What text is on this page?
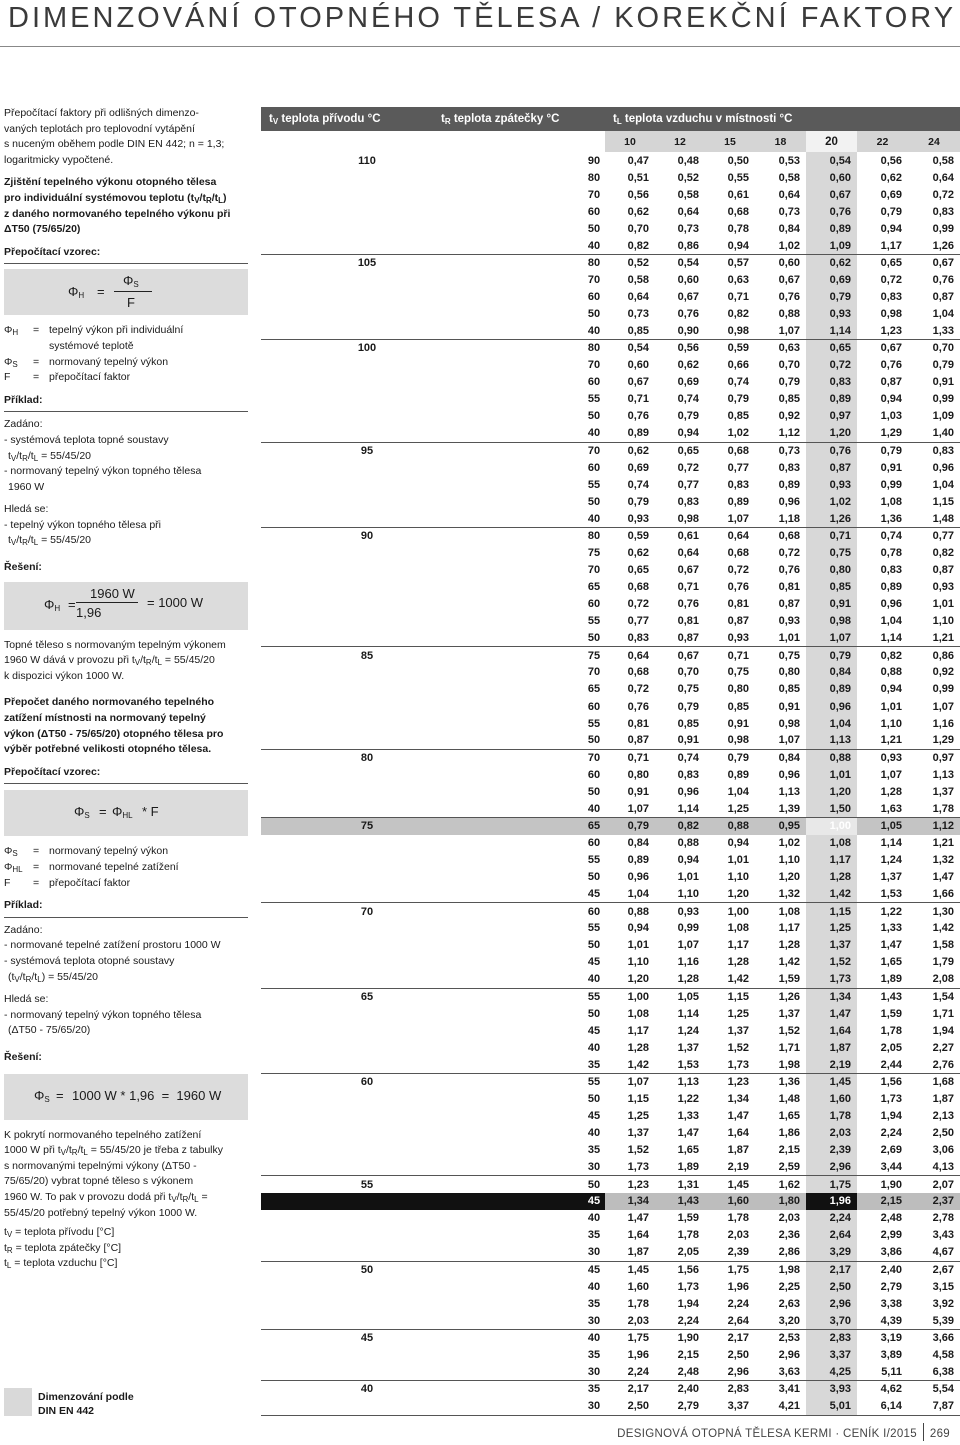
DIMENZOVÁNÍ OTOPNÉHO TĚLESA / KOREKČNÍ FAKTORY

Přepočítací faktory při odlišných dimenzo-

vaných teplotách pro teplovodní vytápění

s nuceným oběhem podle DIN EN 442; n = 1,3;

logaritmicky vypočtené.

Zjištění tepelného výkonu otopného tělesa

pro individuální systémovou teplotu $(t_V/t_R/t_L)$

z daného normovaného tepelného výkonu při

ΔT50 (75/65/20)

Přepočítací vzorec:

$\Phi_H$ =
$\Phi_S$
F
$\Phi_H$ = tepelný výkon při individuální
systémové teplotě
$\Phi_S$ = normovaný tepelný výkon
F = přepočítací faktor

Příklad:

Zadáno:

- systémová teplota topné soustavy

$t_V/t_R/t_L = 55/45/20$

- normovaný tepelný výkon topného tělesa

1960 W

Hledá se:

- tepelný výkon topného tělesa při

$t_V/t_R/t_L = 55/45/20$

Řešení:

$\Phi_H$ =
1960 W
1,96
= 1000 W

Topné těleso s normovaným tepelným výkonem

1960 W dává v provozu při $t_V/t_R/t_L = 55/45/20$

k dispozici výkon 1000 W.

Přepočet daného normovaného tepelného

zatížení místnosti na normovaný tepelný

výkon (ΔT50 - 75/65/20) otopného tělesa pro

výběr potřebné velikosti otopného tělesa.

Přepočítací vzorec:

$\Phi_S = \Phi_{HL} * F$
$\Phi_S$ = normovaný tepelný výkon
$\Phi_{HL}$ = normované tepelné zatížení
F = přepočítací faktor

Příklad:

Zadáno:

- normované tepelné zatížení prostoru 1000 W

- systémová teplota otopné soustavy

$(t_V/t_R/t_L) = 55/45/20$

Hledá se:

- normovaný tepelný výkon topného tělesa

(ΔT50 - 75/65/20)

Řešení:

$\Phi_S = 1000$ W * 1,96  =  1960 W

K pokrytí normovaného tepelného zatížení

1000 W při $t_V/t_R/t_L = 55/45/20$ je třeba z tabulky

s normovanými tepelnými výkony (ΔT50 -

75/65/20) vybrat topné těleso s výkonem

1960 W. To pak v provozu dodá při $t_V/t_R/t_L$ =

55/45/20 potřebný tepelný výkon 1000 W.

$t_V$ = teplota přívodu [°C]

$t_R$ = teplota zpátečky [°C]

$t_L$ = teplota vzduchu [°C]

Dimenzování podle
DIN EN 442
$t_V$ teplota přívodu °C	$t_R$ teplota zpátečky °C	$t_L$ teplota vzduchu v místnosti °C						
		10	12	15	18	20	22	24
110	90	0,47	0,48	0,50	0,53	0,54	0,56	0,58
	80	0,51	0,52	0,55	0,58	0,60	0,62	0,64
	70	0,56	0,58	0,61	0,64	0,67	0,69	0,72
	60	0,62	0,64	0,68	0,73	0,76	0,79	0,83
	50	0,70	0,73	0,78	0,84	0,89	0,94	0,99
	40	0,82	0,86	0,94	1,02	1,09	1,17	1,26
105	80	0,52	0,54	0,57	0,60	0,62	0,65	0,67
	70	0,58	0,60	0,63	0,67	0,69	0,72	0,76
	60	0,64	0,67	0,71	0,76	0,79	0,83	0,87
	50	0,73	0,76	0,82	0,88	0,93	0,98	1,04
	40	0,85	0,90	0,98	1,07	1,14	1,23	1,33
100	80	0,54	0,56	0,59	0,63	0,65	0,67	0,70
	70	0,60	0,62	0,66	0,70	0,72	0,76	0,79
	60	0,67	0,69	0,74	0,79	0,83	0,87	0,91
	55	0,71	0,74	0,79	0,85	0,89	0,94	0,99
	50	0,76	0,79	0,85	0,92	0,97	1,03	1,09
	40	0,89	0,94	1,02	1,12	1,20	1,29	1,40
95	70	0,62	0,65	0,68	0,73	0,76	0,79	0,83
	60	0,69	0,72	0,77	0,83	0,87	0,91	0,96
	55	0,74	0,77	0,83	0,89	0,93	0,99	1,04
	50	0,79	0,83	0,89	0,96	1,02	1,08	1,15
	40	0,93	0,98	1,07	1,18	1,26	1,36	1,48
90	80	0,59	0,61	0,64	0,68	0,71	0,74	0,77
	75	0,62	0,64	0,68	0,72	0,75	0,78	0,82
	70	0,65	0,67	0,72	0,76	0,80	0,83	0,87
	65	0,68	0,71	0,76	0,81	0,85	0,89	0,93
	60	0,72	0,76	0,81	0,87	0,91	0,96	1,01
	55	0,77	0,81	0,87	0,93	0,98	1,04	1,10
	50	0,83	0,87	0,93	1,01	1,07	1,14	1,21
85	75	0,64	0,67	0,71	0,75	0,79	0,82	0,86
	70	0,68	0,70	0,75	0,80	0,84	0,88	0,92
	65	0,72	0,75	0,80	0,85	0,89	0,94	0,99
	60	0,76	0,79	0,85	0,91	0,96	1,01	1,07
	55	0,81	0,85	0,91	0,98	1,04	1,10	1,16
	50	0,87	0,91	0,98	1,07	1,13	1,21	1,29
80	70	0,71	0,74	0,79	0,84	0,88	0,93	0,97
	60	0,80	0,83	0,89	0,96	1,01	1,07	1,13
	50	0,91	0,96	1,04	1,13	1,20	1,28	1,37
	40	1,07	1,14	1,25	1,39	1,50	1,63	1,78
75	65	0,79	0,82	0,88	0,95	1,00	1,05	1,12
	60	0,84	0,88	0,94	1,02	1,08	1,14	1,21
	55	0,89	0,94	1,01	1,10	1,17	1,24	1,32
	50	0,96	1,01	1,10	1,20	1,28	1,37	1,47
	45	1,04	1,10	1,20	1,32	1,42	1,53	1,66
70	60	0,88	0,93	1,00	1,08	1,15	1,22	1,30
	55	0,94	0,99	1,08	1,17	1,25	1,33	1,42
	50	1,01	1,07	1,17	1,28	1,37	1,47	1,58
	45	1,10	1,16	1,28	1,42	1,52	1,65	1,79
	40	1,20	1,28	1,42	1,59	1,73	1,89	2,08
65	55	1,00	1,05	1,15	1,26	1,34	1,43	1,54
	50	1,08	1,14	1,25	1,37	1,47	1,59	1,71
	45	1,17	1,24	1,37	1,52	1,64	1,78	1,94
	40	1,28	1,37	1,52	1,71	1,87	2,05	2,27
	35	1,42	1,53	1,73	1,98	2,19	2,44	2,76
60	55	1,07	1,13	1,23	1,36	1,45	1,56	1,68
	50	1,15	1,22	1,34	1,48	1,60	1,73	1,87
	45	1,25	1,33	1,47	1,65	1,78	1,94	2,13
	40	1,37	1,47	1,64	1,86	2,03	2,24	2,50
	35	1,52	1,65	1,87	2,15	2,39	2,69	3,06
	30	1,73	1,89	2,19	2,59	2,96	3,44	4,13
55	50	1,23	1,31	1,45	1,62	1,75	1,90	2,07
	45	1,34	1,43	1,60	1,80	1,96	2,15	2,37
	40	1,47	1,59	1,78	2,03	2,24	2,48	2,78
	35	1,64	1,78	2,03	2,36	2,64	2,99	3,43
	30	1,87	2,05	2,39	2,86	3,29	3,86	4,67
50	45	1,45	1,56	1,75	1,98	2,17	2,40	2,67
	40	1,60	1,73	1,96	2,25	2,50	2,79	3,15
	35	1,78	1,94	2,24	2,63	2,96	3,38	3,92
	30	2,03	2,24	2,64	3,20	3,70	4,39	5,39
45	40	1,75	1,90	2,17	2,53	2,83	3,19	3,66
	35	1,96	2,15	2,50	2,96	3,37	3,89	4,58
	30	2,24	2,48	2,96	3,63	4,25	5,11	6,38
40	35	2,17	2,40	2,83	3,41	3,93	4,62	5,54
	30	2,50	2,79	3,37	4,21	5,01	6,14	7,87
DESIGNOVÁ OTOPNÁ TĚLESA KERMI · CENÍK I/2015 269
